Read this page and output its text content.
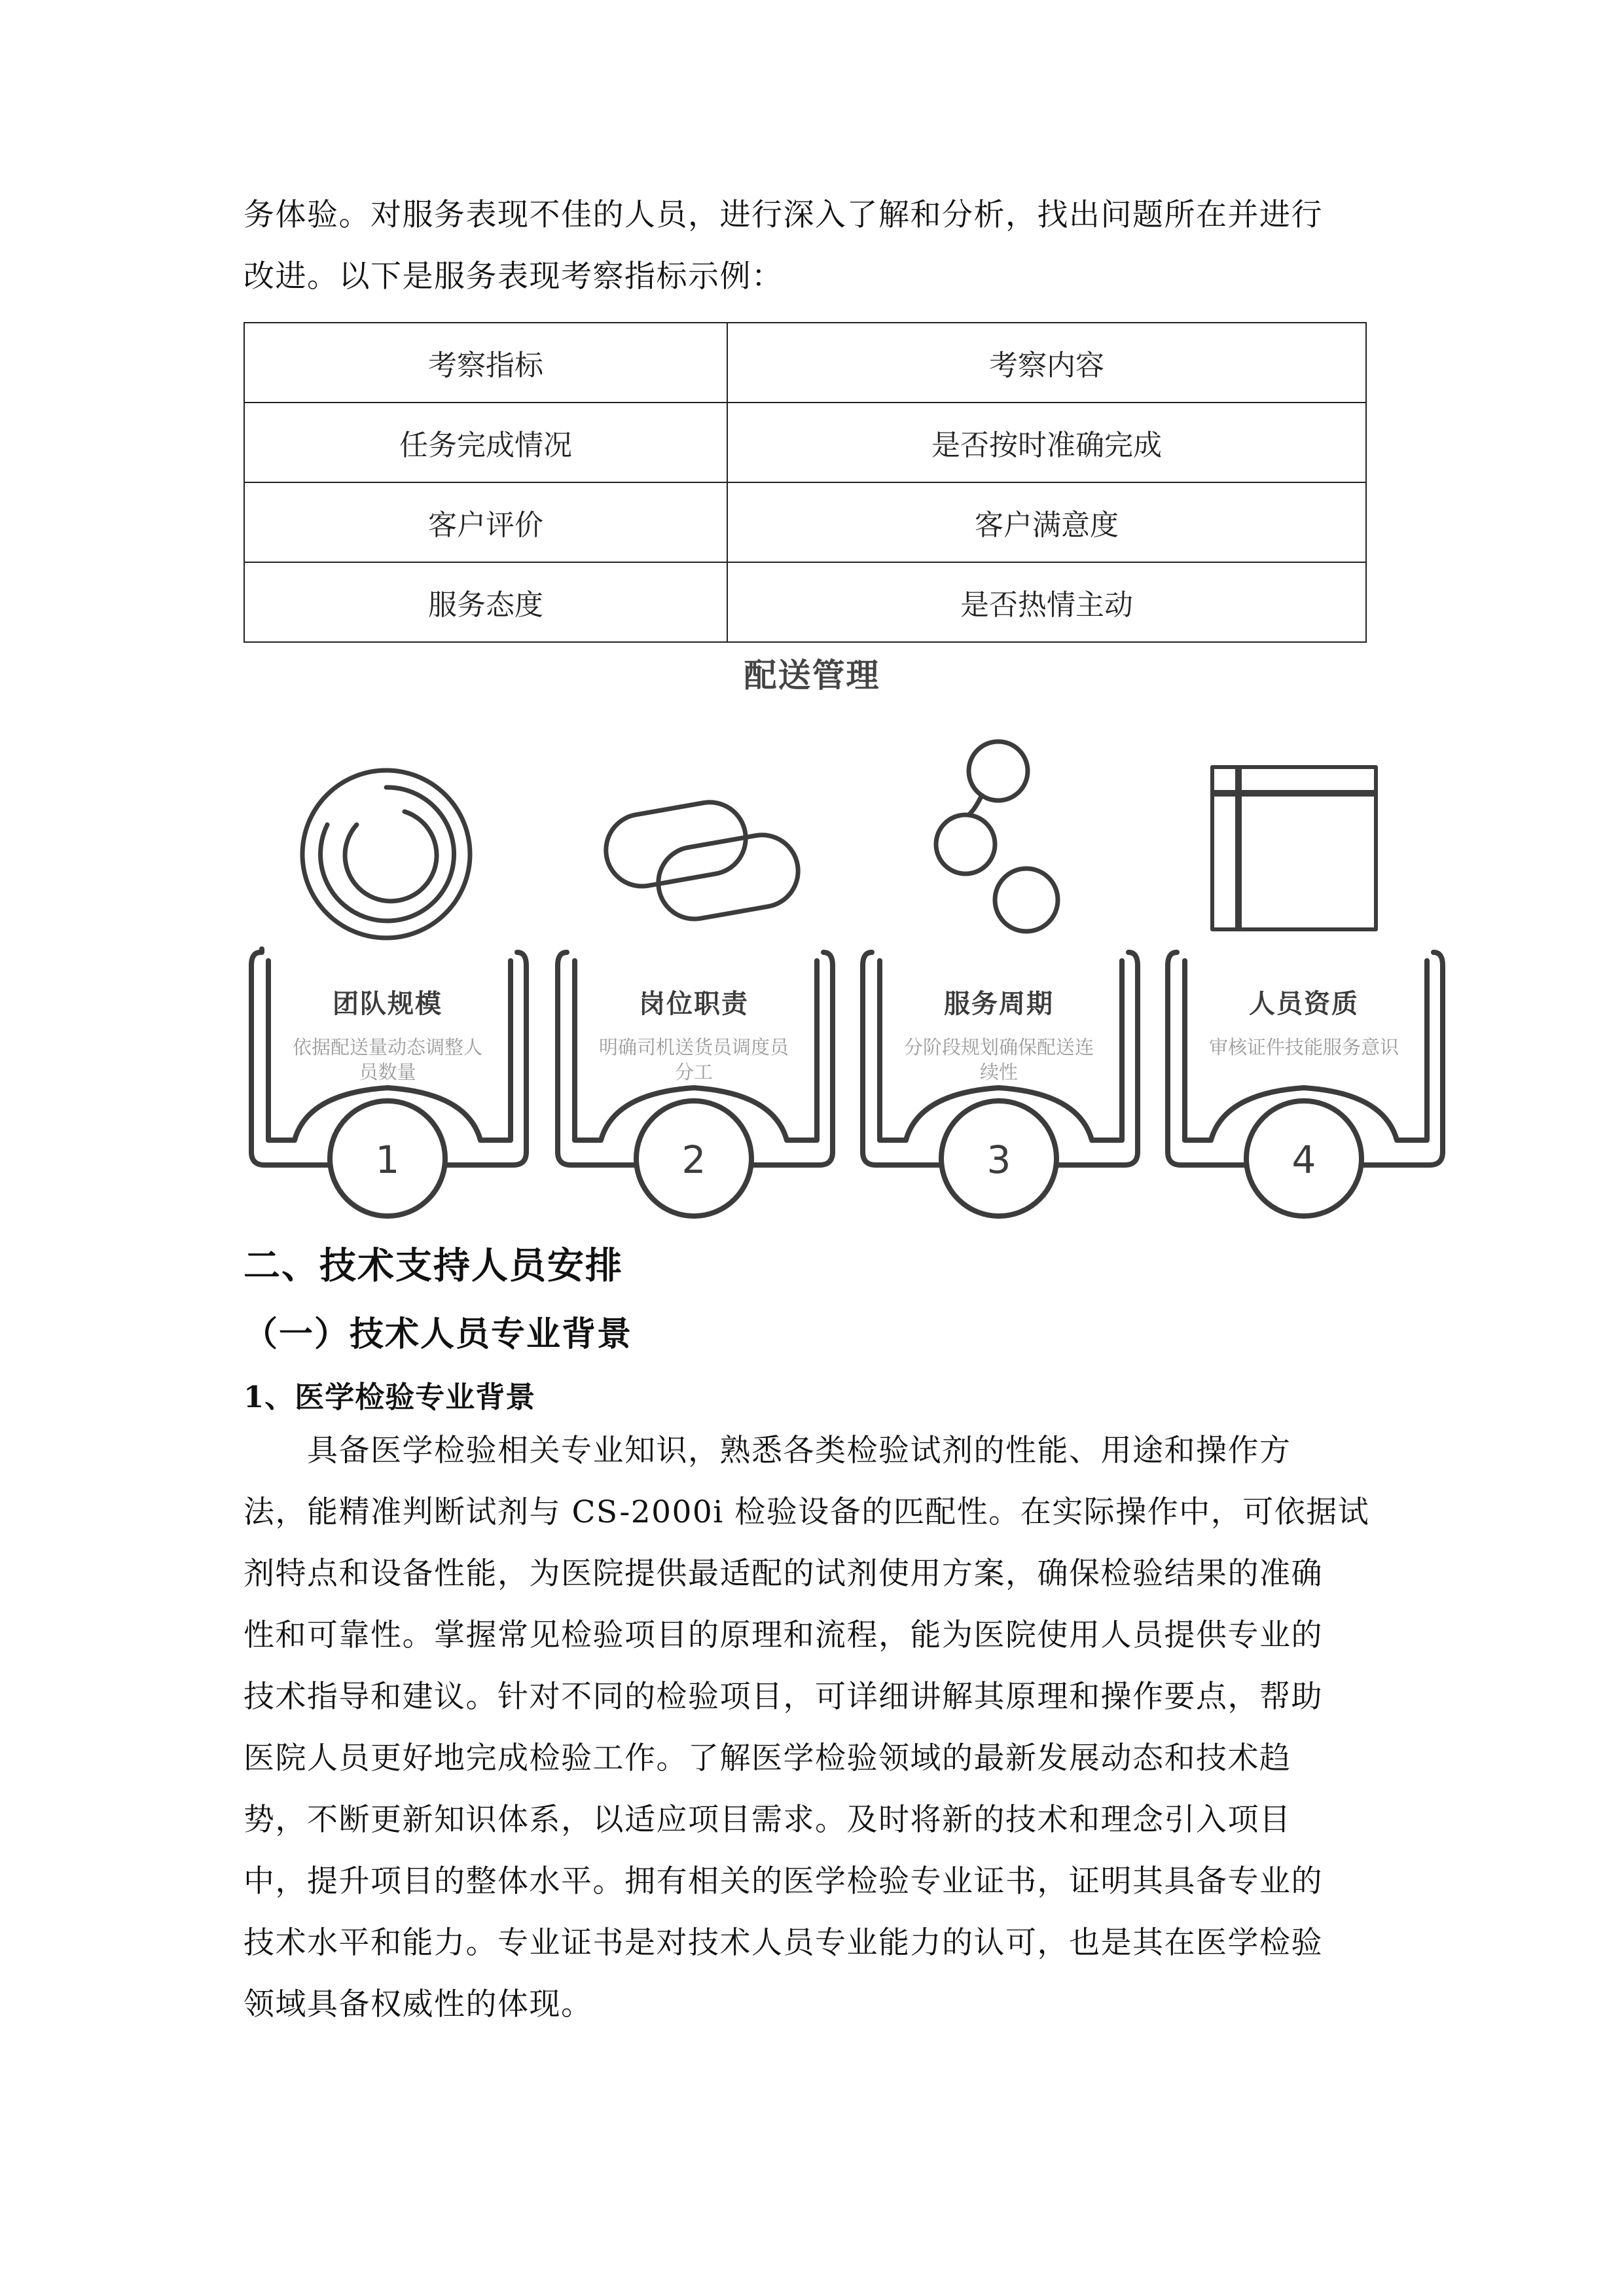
务体验。对服务表现不佳的人员，进行深入了解和分析，找出问题所在并进行
改进。以下是服务表现考察指标示例：
考察指标	考察内容
任务完成情况	是否按时准确完成
客户评价	客户满意度
服务态度	是否热情主动
配送管理
1	2	3	4
团队规模
依据配送量动态调整人
员数量
岗位职责
明确司机送货员调度员
分工
服务周期
分阶段规划确保配送连
续性
人员资质
审核证件技能服务意识
二、技术支持人员安排
（一）技术人员专业背景
1、医学检验专业背景
　　具备医学检验相关专业知识，熟悉各类检验试剂的性能、用途和操作方
法，能精准判断试剂与 CS-2000i 检验设备的匹配性。在实际操作中，可依据试
剂特点和设备性能，为医院提供最适配的试剂使用方案，确保检验结果的准确
性和可靠性。掌握常见检验项目的原理和流程，能为医院使用人员提供专业的
技术指导和建议。针对不同的检验项目，可详细讲解其原理和操作要点，帮助
医院人员更好地完成检验工作。了解医学检验领域的最新发展动态和技术趋
势，不断更新知识体系，以适应项目需求。及时将新的技术和理念引入项目
中，提升项目的整体水平。拥有相关的医学检验专业证书，证明其具备专业的
技术水平和能力。专业证书是对技术人员专业能力的认可，也是其在医学检验
领域具备权威性的体现。
